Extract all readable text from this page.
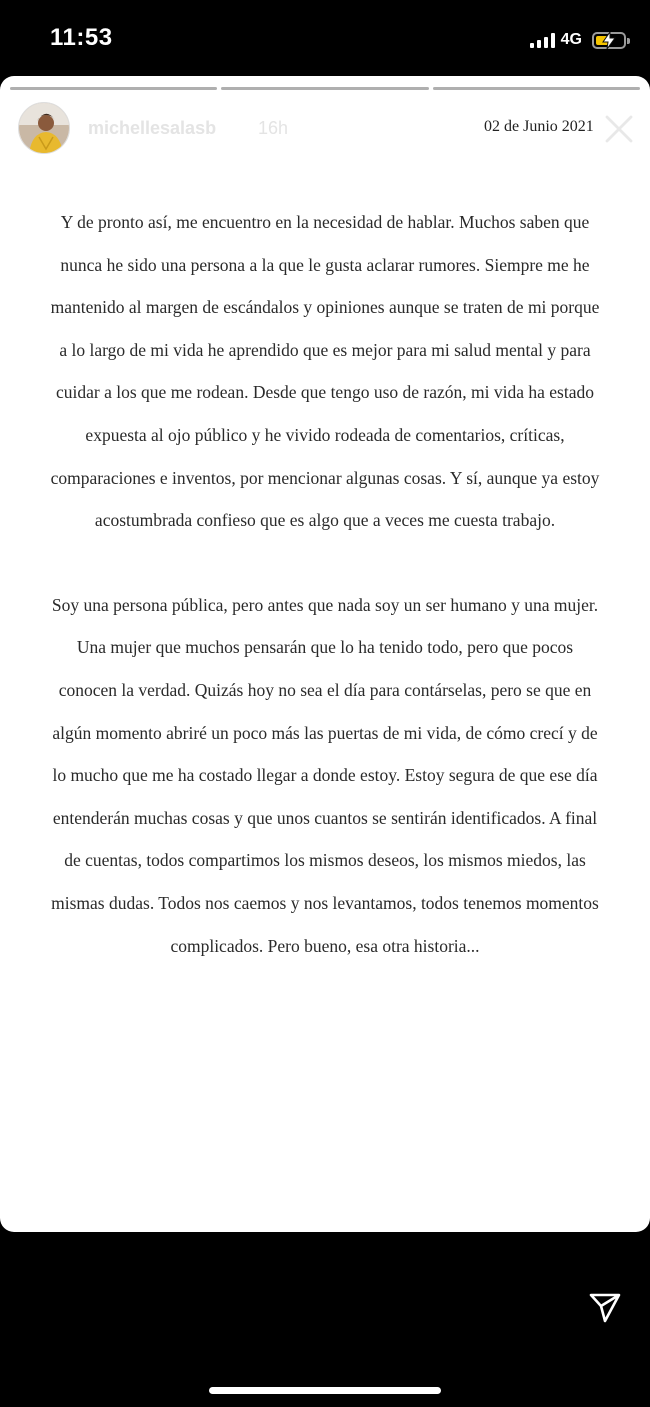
11:53	4G
michellesalasb 16h	02 de Junio 2021

Y de pronto así, me encuentro en la necesidad de hablar. Muchos saben que nunca he sido una persona a la que le gusta aclarar rumores. Siempre me he mantenido al margen de escándalos y opiniones aunque se traten de mi porque a lo largo de mi vida he aprendido que es mejor para mi salud mental y para cuidar a los que me rodean. Desde que tengo uso de razón, mi vida ha estado expuesta al ojo público y he vivido rodeada de comentarios, críticas, comparaciones e inventos, por mencionar algunas cosas. Y sí, aunque ya estoy acostumbrada confieso que es algo que a veces me cuesta trabajo.

Soy una persona pública, pero antes que nada soy un ser humano y una mujer. Una mujer que muchos pensarán que lo ha tenido todo, pero que pocos conocen la verdad. Quizás hoy no sea el día para contárselas, pero se que en algún momento abriré un poco más las puertas de mi vida, de cómo crecí y de lo mucho que me ha costado llegar a donde estoy. Estoy segura de que ese día entenderán muchas cosas y que unos cuantos se sentirán identificados. A final de cuentas, todos compartimos los mismos deseos, los mismos miedos, las mismas dudas. Todos nos caemos y nos levantamos, todos tenemos momentos complicados. Pero bueno, esa otra historia...
